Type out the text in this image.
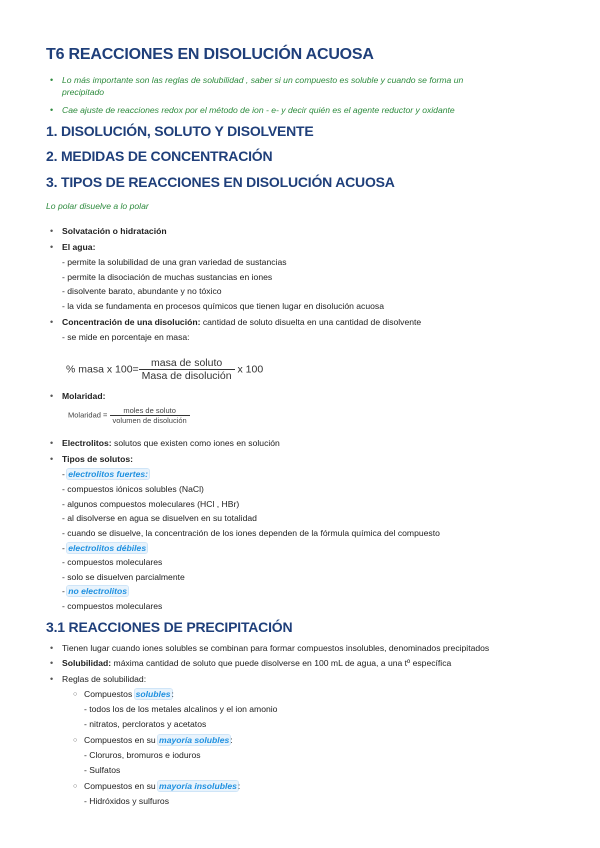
T6 REACCIONES EN DISOLUCIÓN ACUOSA
• Lo más importante son las reglas de solubilidad , saber si un compuesto es soluble y cuando se forma un
precipitado
• Cae ajuste de reacciones redox por el método de ion - e- y decir quién es el agente reductor y oxidante
1. DISOLUCIÓN, SOLUTO Y DISOLVENTE
2. MEDIDAS DE CONCENTRACIÓN
3. TIPOS DE REACCIONES EN DISOLUCIÓN ACUOSA
Lo polar disuelve a lo polar
• Solvatación o hidratación
• El agua:
- permite la solubilidad de una gran variedad de sustancias
- permite la disociación de muchas sustancias en iones
- disolvente barato, abundante y no tóxico
- la vida se fundamenta en procesos químicos que tienen lugar en disolución acuosa
• Concentración de una disolución: cantidad de soluto disuelta en una cantidad de disolvente
- se mide en porcentaje en masa:
% masa x $100= \frac{\text{masa de soluto}}{\text{Masa de disolución}}$ x 100
• Molaridad:
Molaridad = $\frac{\text{moles de soluto}}{\text{volumen de disolución}}$
• Electrolitos: solutos que existen como iones en solución
• Tipos de solutos:
- electrolitos fuertes:
- compuestos iónicos solubles (NaCl)
- algunos compuestos moleculares (HCl , HBr)
- al disolverse en agua se disuelven en su totalidad
- cuando se disuelve, la concentración de los iones dependen de la fórmula química del compuesto
- electrolitos débiles
- compuestos moleculares
- solo se disuelven parcialmente
- no electrolitos
- compuestos moleculares
3.1 REACCIONES DE PRECIPITACIÓN
• Tienen lugar cuando iones solubles se combinan para formar compuestos insolubles, denominados precipitados
• Solubilidad: máxima cantidad de soluto que puede disolverse en 100 mL de agua, a una tº específica
• Reglas de solubilidad:
○ Compuestos solubles:
- todos los de los metales alcalinos y el ion amonio
- nitratos, percloratos y acetatos
○ Compuestos en su mayoría solubles:
- Cloruros, bromuros e ioduros
- Sulfatos
○ Compuestos en su mayoría insolubles:
- Hidróxidos y sulfuros
